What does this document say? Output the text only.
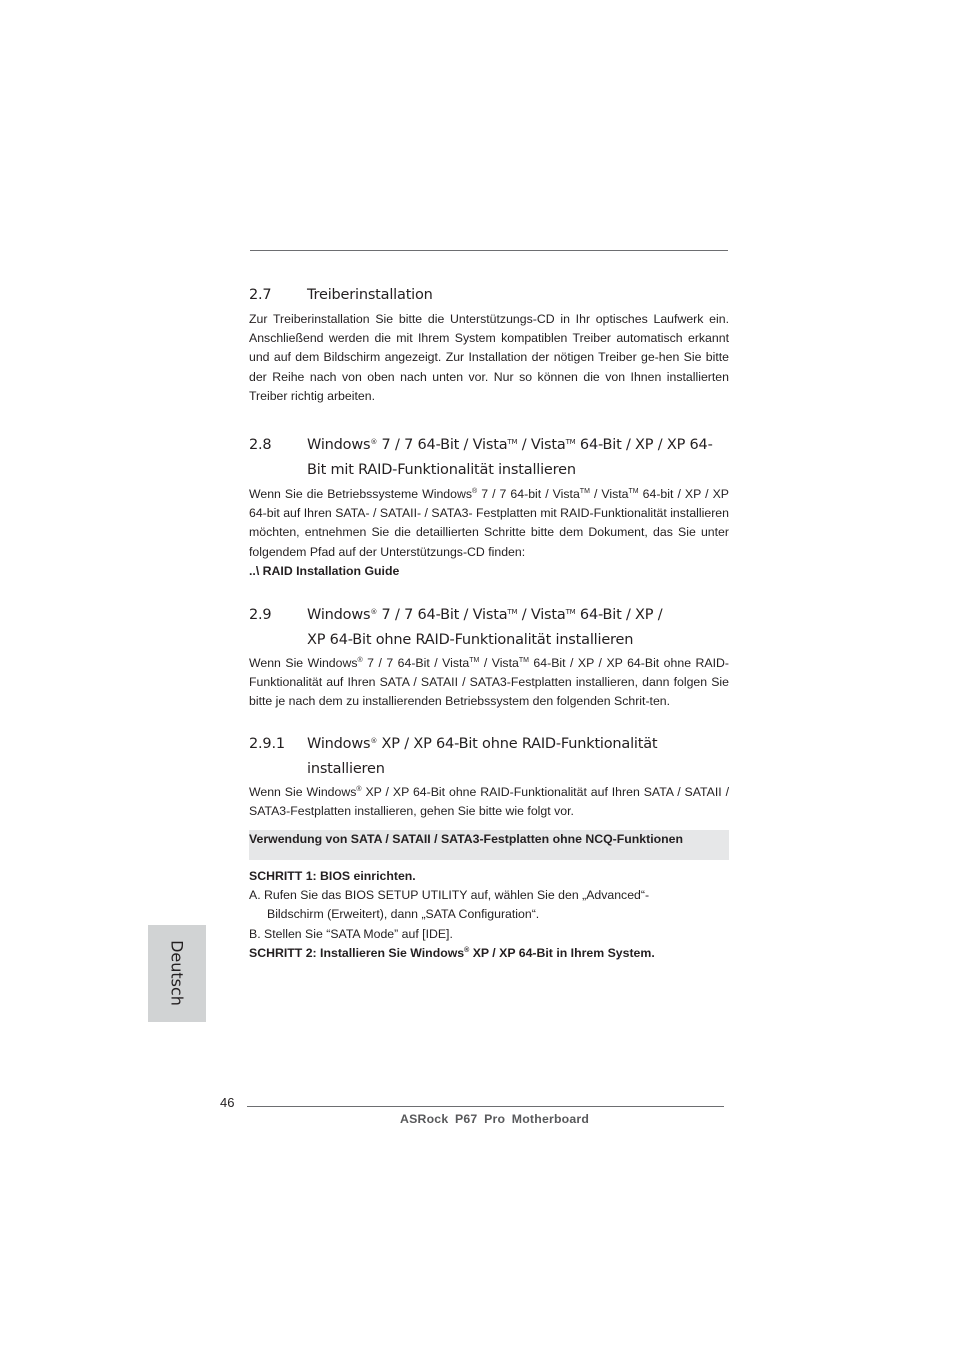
2.7 Treiberinstallation

Zur Treiberinstallation Sie bitte die Unterstützungs-CD in Ihr optisches Laufwerk ein. Anschließend werden die mit Ihrem System kompatiblen Treiber automatisch erkannt und auf dem Bildschirm angezeigt. Zur Installation der nötigen Treiber ge-hen Sie bitte der Reihe nach von oben nach unten vor. Nur so können die von Ihnen installierten Treiber richtig arbeiten.

2.8 Windows® 7 / 7 64-Bit / Vista™ / Vista™ 64-Bit / XP / XP 64-
Bit mit RAID-Funktionalität installieren

Wenn Sie die Betriebssysteme Windows® 7 / 7 64-bit / Vista™ / Vista™ 64-bit / XP / XP 64-bit auf Ihren SATA- / SATAII- / SATA3- Festplatten mit RAID-Funktionalität installieren möchten, entnehmen Sie die detaillierten Schritte bitte dem Dokument, das Sie unter folgendem Pfad auf der Unterstützungs-CD finden:

..\ RAID Installation Guide

2.9 Windows® 7 / 7 64-Bit / Vista™ / Vista™ 64-Bit / XP /
XP 64-Bit ohne RAID-Funktionalität installieren

Wenn Sie Windows® 7 / 7 64-Bit / Vista™ / Vista™ 64-Bit / XP / XP 64-Bit ohne RAID-Funktionalität auf Ihren SATA / SATAII / SATA3-Festplatten installieren, dann folgen Sie bitte je nach dem zu installierenden Betriebssystem den folgenden Schrit-ten.

2.9.1 Windows® XP / XP 64-Bit ohne RAID-Funktionalität
installieren

Wenn Sie Windows® XP / XP 64-Bit ohne RAID-Funktionalität auf Ihren SATA / SATAII / SATA3-Festplatten installieren, gehen Sie bitte wie folgt vor.

Verwendung von SATA / SATAII / SATA3-Festplatten ohne NCQ-Funktionen

SCHRITT 1: BIOS einrichten.

A. Rufen Sie das BIOS SETUP UTILITY auf, wählen Sie den „Advanced“-

Bildschirm (Erweitert), dann „SATA Configuration“.

B. Stellen Sie “SATA Mode” auf [IDE].

SCHRITT 2: Installieren Sie Windows® XP / XP 64-Bit in Ihrem System.

Deutsch
46
ASRock P67 Pro Motherboard
